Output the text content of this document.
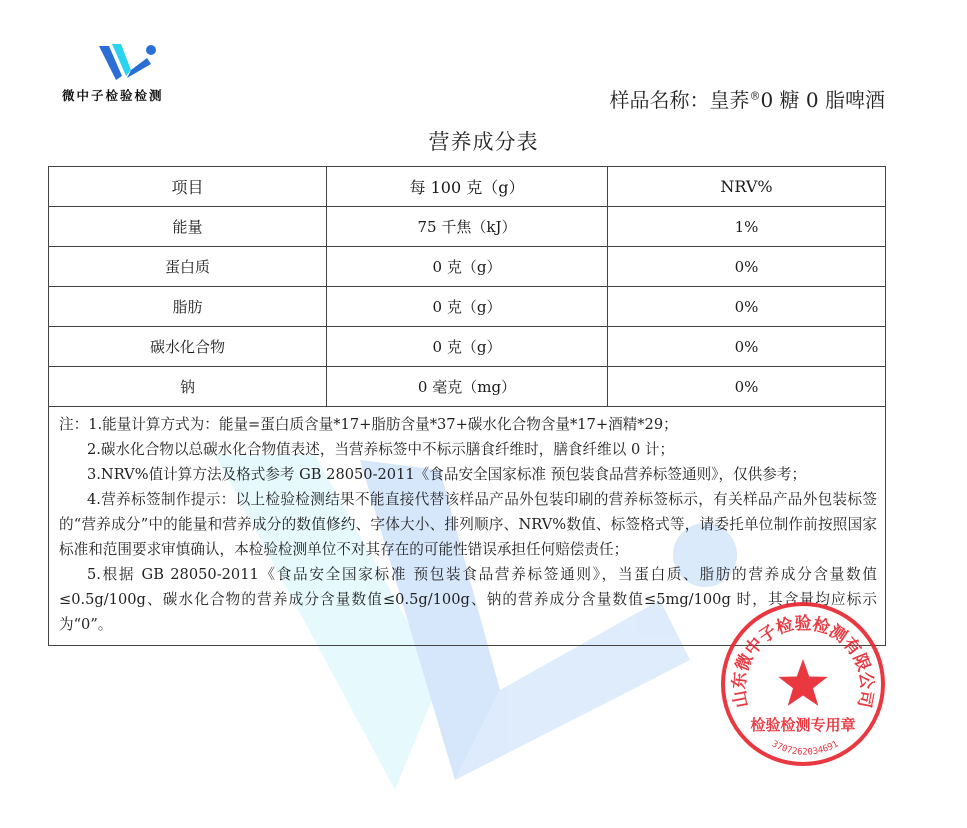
微中子检验检测	样品名称：皇荞®0 糖 0 脂啤酒
营养成分表
项目	每 100 克（g）	NRV%
能量	75 千焦（kJ）	1%
蛋白质	0 克（g）	0%
脂肪	0 克（g）	0%
碳水化合物	0 克（g）	0%
钠	0 毫克（mg）	0%

注：1.能量计算方式为：能量=蛋白质含量*17+脂肪含量*37+碳水化合物含量*17+酒精*29；

2.碳水化合物以总碳水化合物值表述，当营养标签中不标示膳食纤维时，膳食纤维以 0 计；

3.NRV%值计算方法及格式参考 GB 28050-2011《食品安全国家标准 预包装食品营养标签通则》，仅供参考；

4.营养标签制作提示：以上检验检测结果不能直接代替该样品产品外包装印刷的营养标签标示，有关样品产品外包装标签的“营养成分”中的能量和营养成分的数值修约、字体大小、排列顺序、NRV%数值、标签格式等，请委托单位制作前按照国家标准和范围要求审慎确认，本检验检测单位不对其存在的可能性错误承担任何赔偿责任；

5.根据 GB 28050-2011《食品安全国家标准 预包装食品营养标签通则》，当蛋白质、脂肪的营养成分含量数值≤0.5g/100g、碳水化合物的营养成分含量数值≤0.5g/100g、钠的营养成分含量数值≤5mg/100g 时，其含量均应标示为“0”。

山东微中子检验检测有限公司
检验检测专用章
3707262034691
